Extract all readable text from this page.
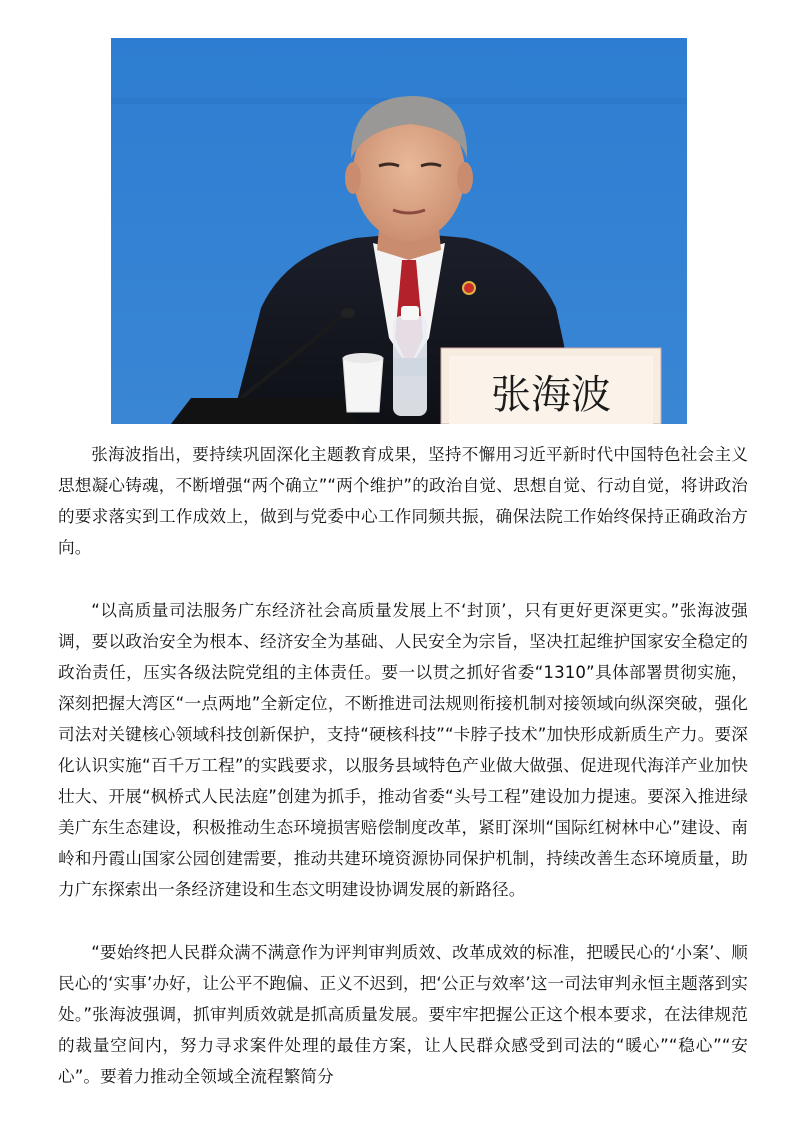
张海波

张海波指出，要持续巩固深化主题教育成果，坚持不懈用习近平新时代中国特色社会主义思想凝心铸魂，不断增强“两个确立”“两个维护”的政治自觉、思想自觉、行动自觉，将讲政治的要求落实到工作成效上，做到与党委中心工作同频共振，确保法院工作始终保持正确政治方向。

“以高质量司法服务广东经济社会高质量发展上不‘封顶’，只有更好更深更实。”张海波强调，要以政治安全为根本、经济安全为基础、人民安全为宗旨，坚决扛起维护国家安全稳定的政治责任，压实各级法院党组的主体责任。要一以贯之抓好省委“1310”具体部署贯彻实施，深刻把握大湾区“一点两地”全新定位，不断推进司法规则衔接机制对接领域向纵深突破，强化司法对关键核心领域科技创新保护，支持“硬核科技”“卡脖子技术”加快形成新质生产力。要深化认识实施“百千万工程”的实践要求，以服务县域特色产业做大做强、促进现代海洋产业加快壮大、开展“枫桥式人民法庭”创建为抓手，推动省委“头号工程”建设加力提速。要深入推进绿美广东生态建设，积极推动生态环境损害赔偿制度改革，紧盯深圳“国际红树林中心”建设、南岭和丹霞山国家公园创建需要，推动共建环境资源协同保护机制，持续改善生态环境质量，助力广东探索出一条经济建设和生态文明建设协调发展的新路径。

“要始终把人民群众满不满意作为评判审判质效、改革成效的标准，把暖民心的‘小案’、顺民心的‘实事’办好，让公平不跑偏、正义不迟到，把‘公正与效率’这一司法审判永恒主题落到实处。”张海波强调，抓审判质效就是抓高质量发展。要牢牢把握公正这个根本要求，在法律规范的裁量空间内，努力寻求案件处理的最佳方案，让人民群众感受到司法的“暖心”“稳心”“安心”。要着力推动全领域全流程繁简分
